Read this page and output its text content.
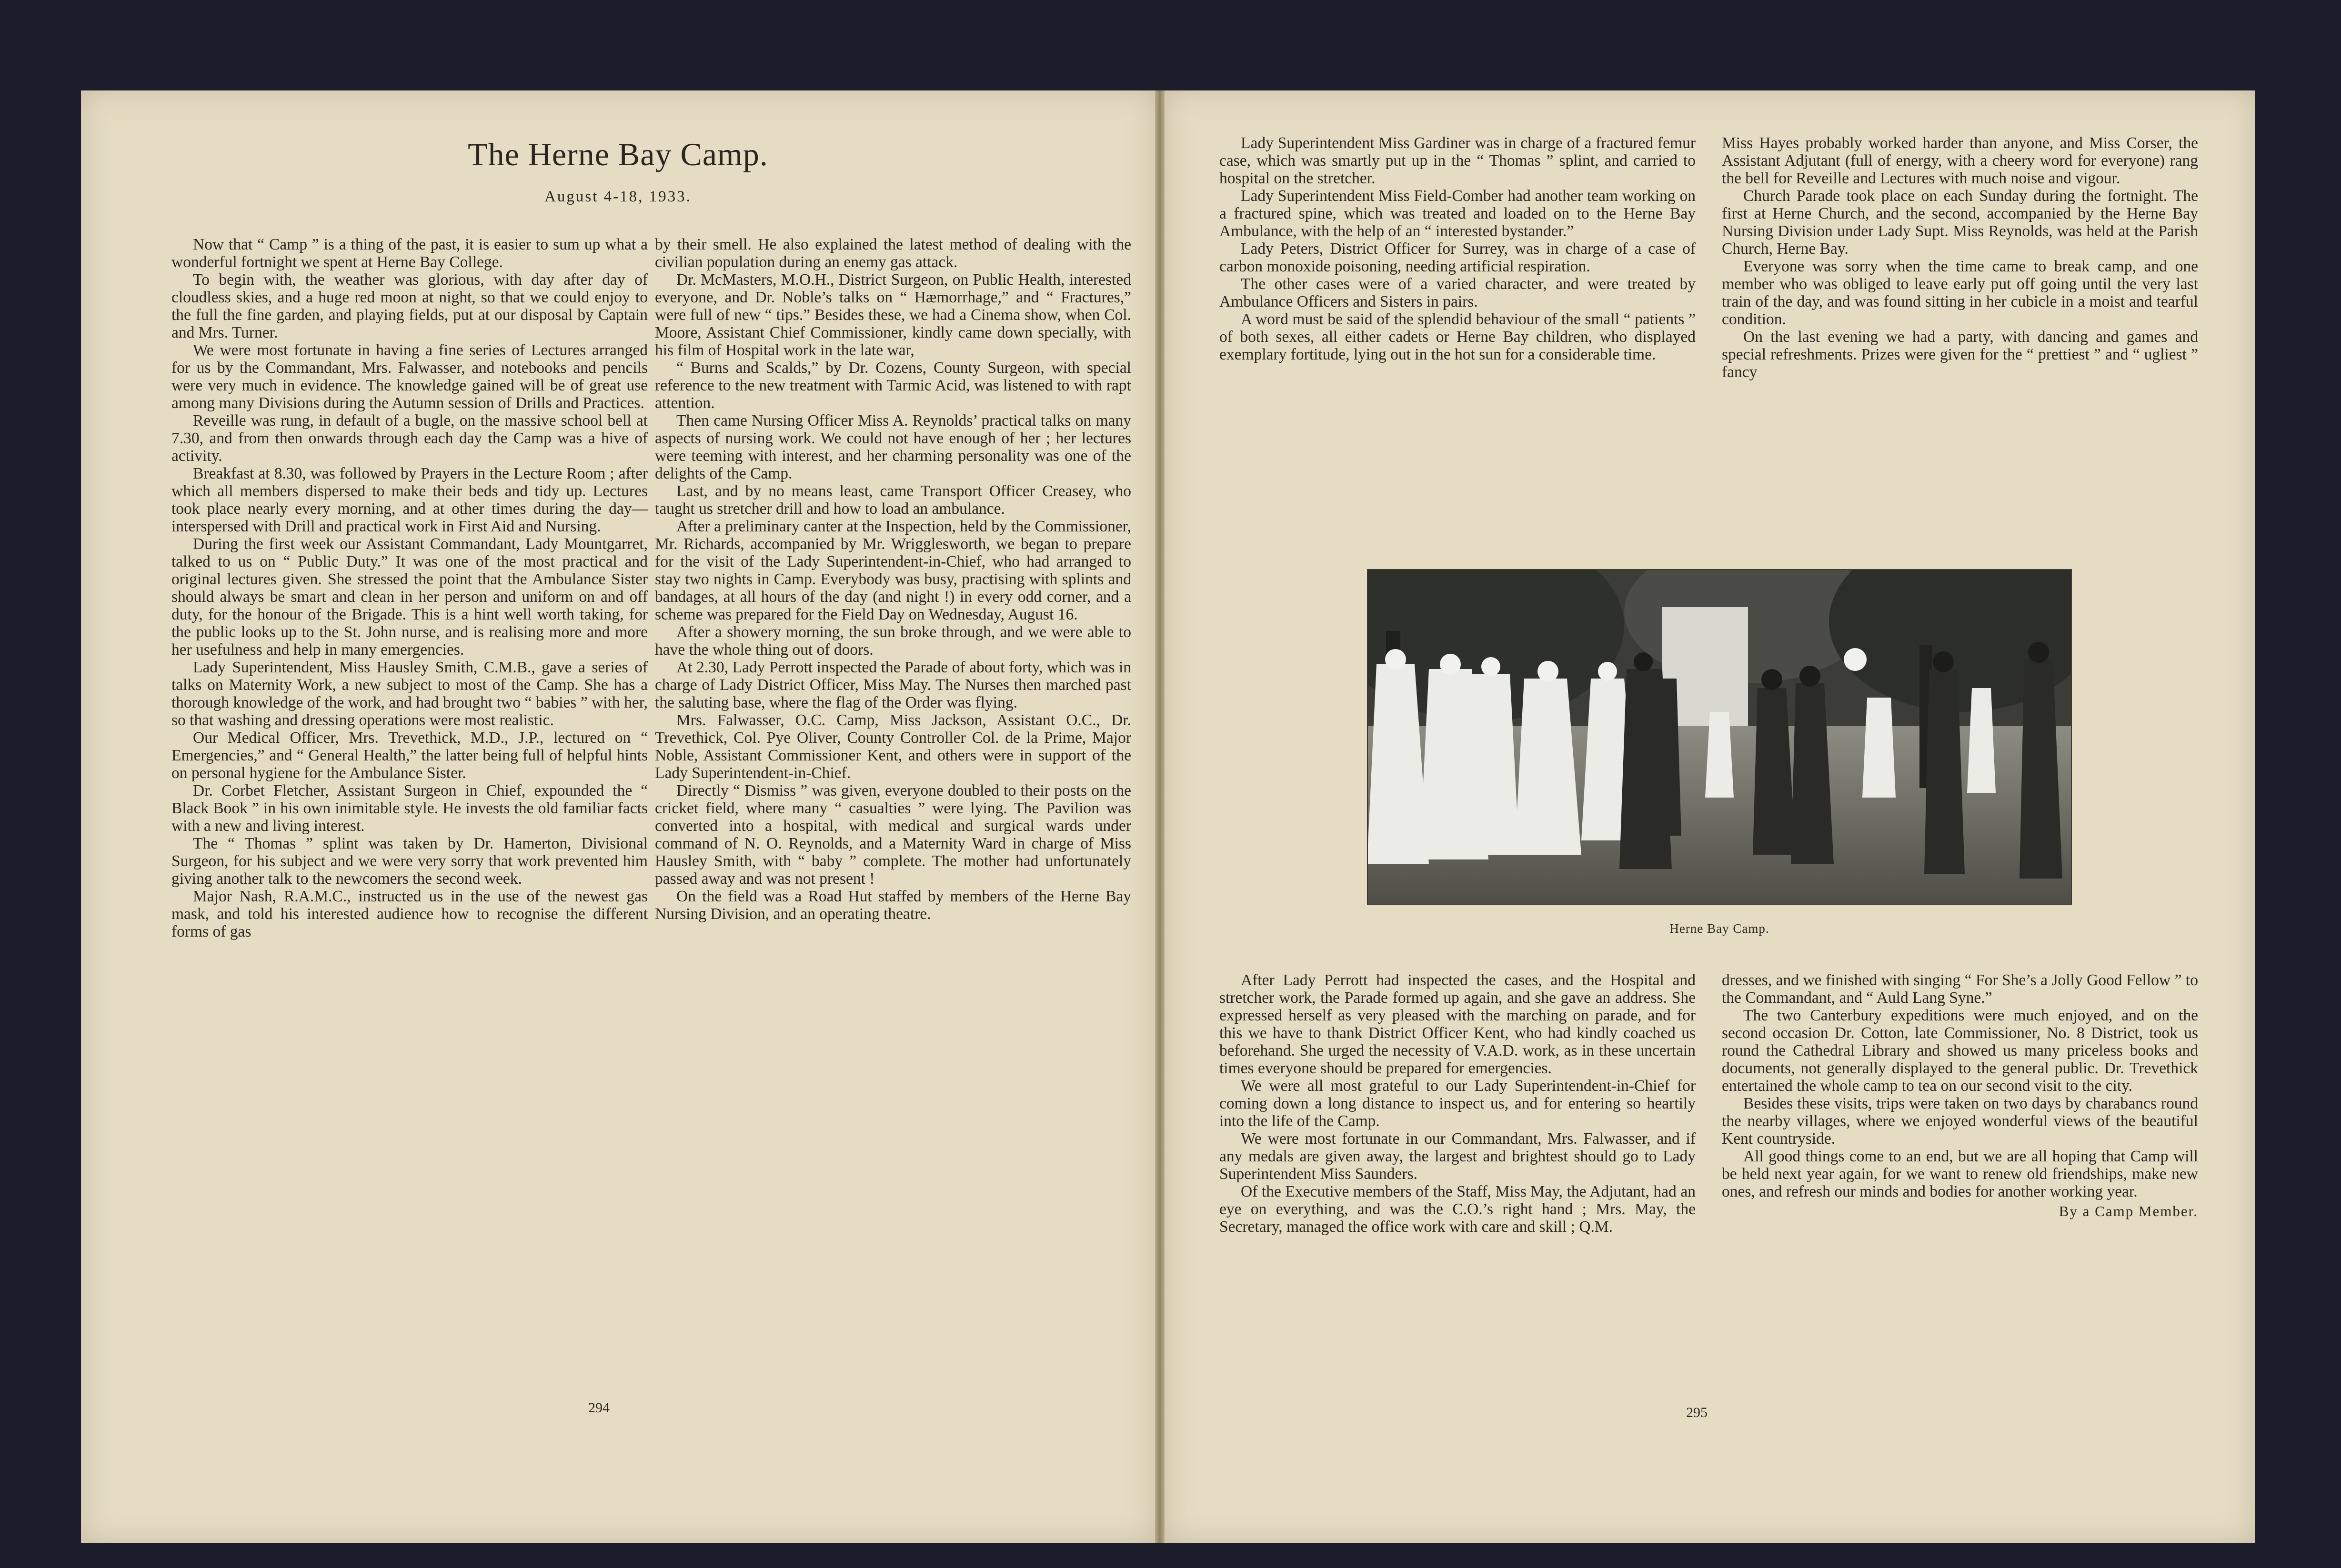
The Herne Bay Camp.
August 4-18, 1933.

Now that “ Camp ” is a thing of the past, it is easier to sum up what a wonderful fortnight we spent at Herne Bay College.

To begin with, the weather was glorious, with day after day of cloudless skies, and a huge red moon at night, so that we could enjoy to the full the fine garden, and playing fields, put at our disposal by Captain and Mrs. Turner.

We were most fortunate in having a fine series of Lectures arranged for us by the Commandant, Mrs. Falwasser, and notebooks and pencils were very much in evidence. The knowledge gained will be of great use among many Divisions during the Autumn session of Drills and Practices.

Reveille was rung, in default of a bugle, on the massive school bell at 7.30, and from then onwards through each day the Camp was a hive of activity.

Breakfast at 8.30, was followed by Prayers in the Lecture Room ; after which all members dispersed to make their beds and tidy up. Lectures took place nearly every morning, and at other times during the day—interspersed with Drill and practical work in First Aid and Nursing.

During the first week our Assistant Commandant, Lady Mountgarret, talked to us on “ Public Duty.” It was one of the most practical and original lectures given. She stressed the point that the Ambulance Sister should always be smart and clean in her person and uniform on and off duty, for the honour of the Brigade. This is a hint well worth taking, for the public looks up to the St. John nurse, and is realising more and more her usefulness and help in many emergencies.

Lady Superintendent, Miss Hausley Smith, C.M.B., gave a series of talks on Maternity Work, a new subject to most of the Camp. She has a thorough knowledge of the work, and had brought two “ babies ” with her, so that washing and dressing operations were most realistic.

Our Medical Officer, Mrs. Trevethick, M.D., J.P., lectured on “ Emergencies,” and “ General Health,” the latter being full of helpful hints on personal hygiene for the Ambulance Sister.

Dr. Corbet Fletcher, Assistant Surgeon in Chief, expounded the “ Black Book ” in his own inimitable style. He invests the old familiar facts with a new and living interest.

The “ Thomas ” splint was taken by Dr. Hamerton, Divisional Surgeon, for his subject and we were very sorry that work prevented him giving another talk to the newcomers the second week.

Major Nash, R.A.M.C., instructed us in the use of the newest gas mask, and told his interested audience how to recognise the different forms of gas

by their smell. He also explained the latest method of dealing with the civilian population during an enemy gas attack.

Dr. McMasters, M.O.H., District Surgeon, on Public Health, interested everyone, and Dr. Noble’s talks on “ Hæmorrhage,” and “ Fractures,” were full of new “ tips.” Besides these, we had a Cinema show, when Col. Moore, Assistant Chief Commissioner, kindly came down specially, with his film of Hospital work in the late war,

“ Burns and Scalds,” by Dr. Cozens, County Surgeon, with special reference to the new treatment with Tarmic Acid, was listened to with rapt attention.

Then came Nursing Officer Miss A. Reynolds’ practical talks on many aspects of nursing work. We could not have enough of her ; her lectures were teeming with interest, and her charming personality was one of the delights of the Camp.

Last, and by no means least, came Transport Officer Creasey, who taught us stretcher drill and how to load an ambulance.

After a preliminary canter at the Inspection, held by the Commissioner, Mr. Richards, accompanied by Mr. Wrigglesworth, we began to prepare for the visit of the Lady Superintendent-in-Chief, who had arranged to stay two nights in Camp. Everybody was busy, practising with splints and bandages, at all hours of the day (and night !) in every odd corner, and a scheme was prepared for the Field Day on Wednesday, August 16.

After a showery morning, the sun broke through, and we were able to have the whole thing out of doors.

At 2.30, Lady Perrott inspected the Parade of about forty, which was in charge of Lady District Officer, Miss May. The Nurses then marched past the saluting base, where the flag of the Order was flying.

Mrs. Falwasser, O.C. Camp, Miss Jackson, Assistant O.C., Dr. Trevethick, Col. Pye Oliver, County Controller Col. de la Prime, Major Noble, Assistant Commissioner Kent, and others were in support of the Lady Superintendent-in-Chief.

Directly “ Dismiss ” was given, everyone doubled to their posts on the cricket field, where many “ casualties ” were lying. The Pavilion was converted into a hospital, with medical and surgical wards under command of N. O. Reynolds, and a Maternity Ward in charge of Miss Hausley Smith, with “ baby ” complete. The mother had unfortunately passed away and was not present !

On the field was a Road Hut staffed by members of the Herne Bay Nursing Division, and an operating theatre.

294

Lady Superintendent Miss Gardiner was in charge of a fractured femur case, which was smartly put up in the “ Thomas ” splint, and carried to hospital on the stretcher.

Lady Superintendent Miss Field-Comber had another team working on a fractured spine, which was treated and loaded on to the Herne Bay Ambulance, with the help of an “ interested bystander.”

Lady Peters, District Officer for Surrey, was in charge of a case of carbon monoxide poisoning, needing artificial respiration.

The other cases were of a varied character, and were treated by Ambulance Officers and Sisters in pairs.

A word must be said of the splendid behaviour of the small “ patients ” of both sexes, all either cadets or Herne Bay children, who displayed exemplary fortitude, lying out in the hot sun for a considerable time.

Miss Hayes probably worked harder than anyone, and Miss Corser, the Assistant Adjutant (full of energy, with a cheery word for everyone) rang the bell for Reveille and Lectures with much noise and vigour.

Church Parade took place on each Sunday during the fortnight. The first at Herne Church, and the second, accompanied by the Herne Bay Nursing Division under Lady Supt. Miss Reynolds, was held at the Parish Church, Herne Bay.

Everyone was sorry when the time came to break camp, and one member who was obliged to leave early put off going until the very last train of the day, and was found sitting in her cubicle in a moist and tearful condition.

On the last evening we had a party, with dancing and games and special refreshments. Prizes were given for the “ prettiest ” and “ ugliest ” fancy

After Lady Perrott had inspected the cases, and the Hospital and stretcher work, the Parade formed up again, and she gave an address. She expressed herself as very pleased with the marching on parade, and for this we have to thank District Officer Kent, who had kindly coached us beforehand. She urged the necessity of V.A.D. work, as in these uncertain times everyone should be prepared for emergencies.

We were all most grateful to our Lady Superintendent-in-Chief for coming down a long distance to inspect us, and for entering so heartily into the life of the Camp.

We were most fortunate in our Commandant, Mrs. Falwasser, and if any medals are given away, the largest and brightest should go to Lady Superintendent Miss Saunders.

Of the Executive members of the Staff, Miss May, the Adjutant, had an eye on everything, and was the C.O.’s right hand ; Mrs. May, the Secretary, managed the office work with care and skill ; Q.M.

dresses, and we finished with singing “ For She’s a Jolly Good Fellow ” to the Commandant, and “ Auld Lang Syne.”

The two Canterbury expeditions were much enjoyed, and on the second occasion Dr. Cotton, late Commissioner, No. 8 District, took us round the Cathedral Library and showed us many priceless books and documents, not generally displayed to the general public. Dr. Trevethick entertained the whole camp to tea on our second visit to the city.

Besides these visits, trips were taken on two days by charabancs round the nearby villages, where we enjoyed wonderful views of the beautiful Kent countryside.

All good things come to an end, but we are all hoping that Camp will be held next year again, for we want to renew old friendships, make new ones, and refresh our minds and bodies for another working year.

By a Camp Member.
295
Herne Bay Camp.
